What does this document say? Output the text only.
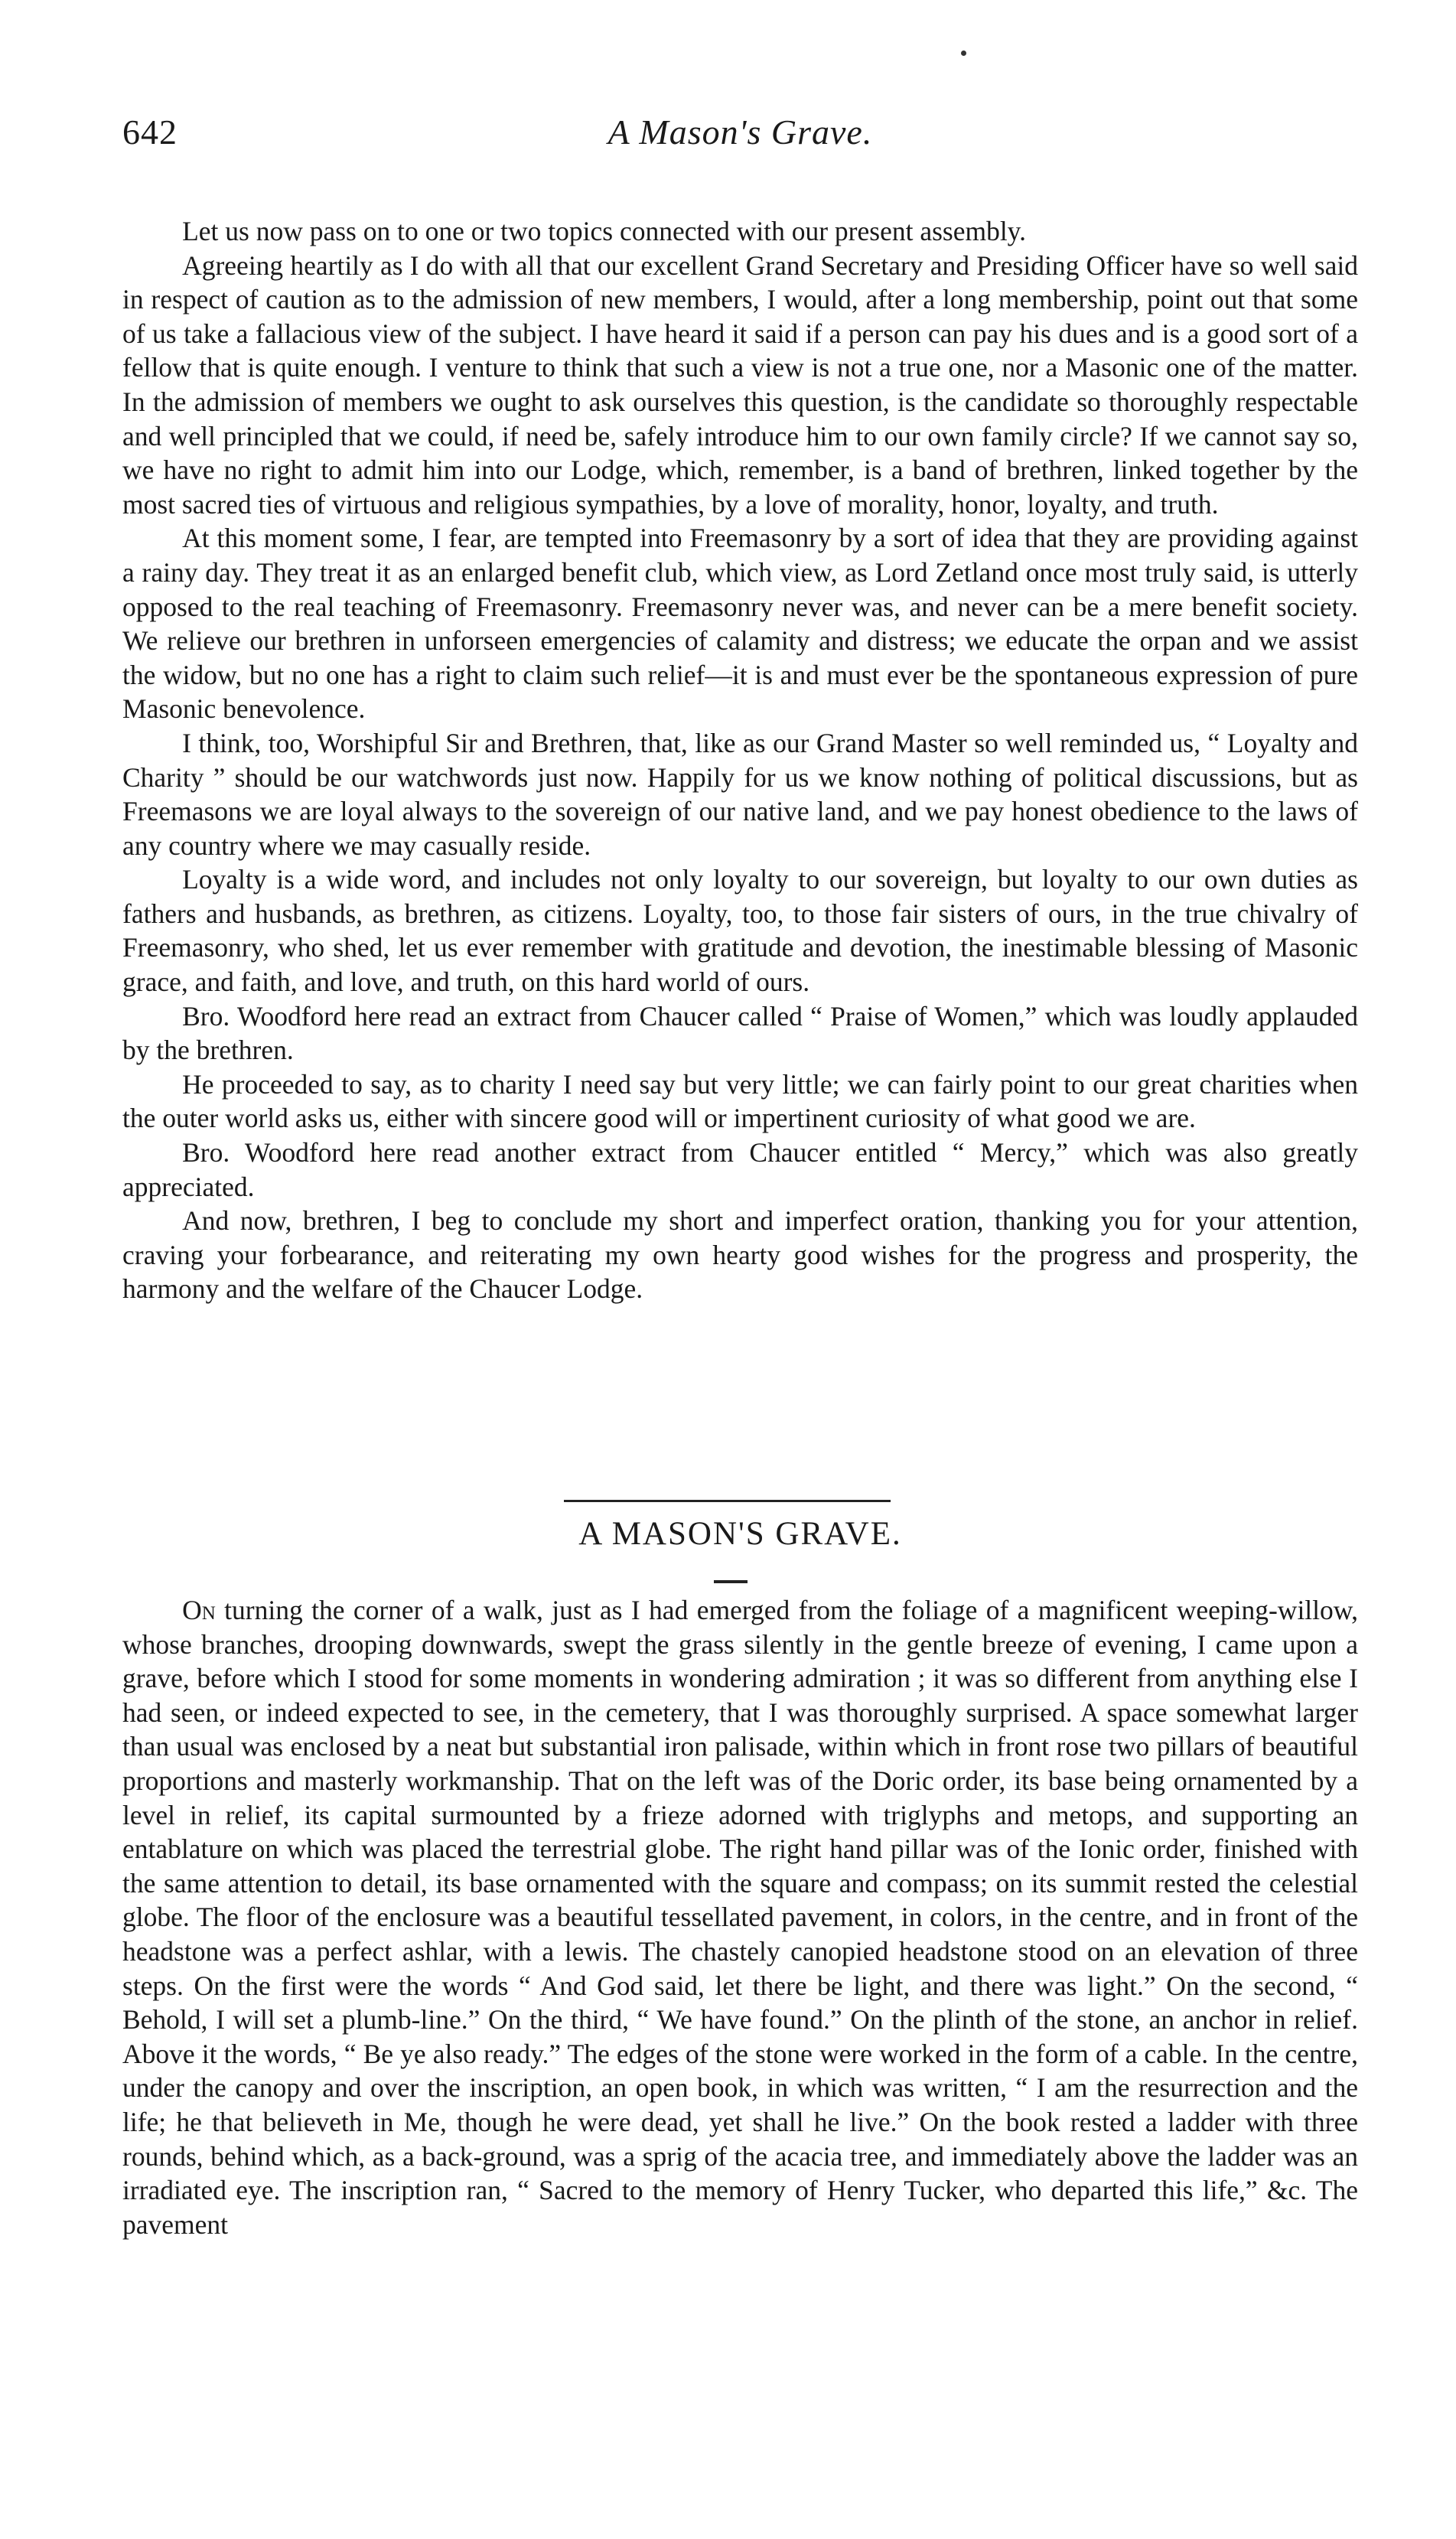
642	A Mason's Grave.

Let us now pass on to one or two topics connected with our present assembly.

Agreeing heartily as I do with all that our excellent Grand Secretary and Presiding Officer have so well said in respect of caution as to the admission of new members, I would, after a long membership, point out that some of us take a fallacious view of the subject. I have heard it said if a person can pay his dues and is a good sort of a fellow that is quite enough. I venture to think that such a view is not a true one, nor a Masonic one of the matter. In the admission of members we ought to ask ourselves this question, is the candidate so thoroughly respectable and well principled that we could, if need be, safely introduce him to our own family circle? If we cannot say so, we have no right to admit him into our Lodge, which, remember, is a band of brethren, linked together by the most sacred ties of virtuous and religious sympathies, by a love of morality, honor, loyalty, and truth.

At this moment some, I fear, are tempted into Freemasonry by a sort of idea that they are providing against a rainy day. They treat it as an enlarged benefit club, which view, as Lord Zetland once most truly said, is utterly opposed to the real teaching of Freemasonry. Freemasonry never was, and never can be a mere benefit society. We relieve our brethren in unforseen emergencies of calamity and distress; we educate the orpan and we assist the widow, but no one has a right to claim such relief—it is and must ever be the spontaneous expression of pure Masonic benevolence.

I think, too, Worshipful Sir and Brethren, that, like as our Grand Master so well reminded us, “ Loyalty and Charity ” should be our watchwords just now. Happily for us we know nothing of political discussions, but as Freemasons we are loyal always to the sovereign of our native land, and we pay honest obedience to the laws of any country where we may casually reside.

Loyalty is a wide word, and includes not only loyalty to our sovereign, but loyalty to our own duties as fathers and husbands, as brethren, as citizens. Loyalty, too, to those fair sisters of ours, in the true chivalry of Freemasonry, who shed, let us ever remember with gratitude and devotion, the inestimable blessing of Masonic grace, and faith, and love, and truth, on this hard world of ours.

Bro. Woodford here read an extract from Chaucer called “ Praise of Women,” which was loudly applauded by the brethren.

He proceeded to say, as to charity I need say but very little; we can fairly point to our great charities when the outer world asks us, either with sincere good will or impertinent curiosity of what good we are.

Bro. Woodford here read another extract from Chaucer entitled “ Mercy,” which was also greatly appreciated.

And now, brethren, I beg to conclude my short and imperfect oration, thanking you for your attention, craving your forbearance, and reiterating my own hearty good wishes for the progress and prosperity, the harmony and the welfare of the Chaucer Lodge.

A MASON'S GRAVE.

On turning the corner of a walk, just as I had emerged from the foliage of a magnificent weeping-willow, whose branches, drooping downwards, swept the grass silently in the gentle breeze of evening, I came upon a grave, before which I stood for some moments in wondering admiration ; it was so different from anything else I had seen, or indeed expected to see, in the cemetery, that I was thoroughly surprised. A space somewhat larger than usual was enclosed by a neat but substantial iron palisade, within which in front rose two pillars of beautiful proportions and masterly workmanship. That on the left was of the Doric order, its base being ornamented by a level in relief, its capital surmounted by a frieze adorned with triglyphs and metops, and supporting an entablature on which was placed the terrestrial globe. The right hand pillar was of the Ionic order, finished with the same attention to detail, its base ornamented with the square and compass; on its summit rested the celestial globe. The floor of the enclosure was a beautiful tessellated pavement, in colors, in the centre, and in front of the headstone was a perfect ashlar, with a lewis. The chastely canopied headstone stood on an elevation of three steps. On the first were the words “ And God said, let there be light, and there was light.” On the second, “ Behold, I will set a plumb-line.” On the third, “ We have found.” On the plinth of the stone, an anchor in relief. Above it the words, “ Be ye also ready.” The edges of the stone were worked in the form of a cable. In the centre, under the canopy and over the inscription, an open book, in which was written, “ I am the resurrection and the life; he that believeth in Me, though he were dead, yet shall he live.” On the book rested a ladder with three rounds, behind which, as a back-ground, was a sprig of the acacia tree, and immediately above the ladder was an irradiated eye. The inscription ran, “ Sacred to the memory of Henry Tucker, who departed this life,” &c. The pavement
